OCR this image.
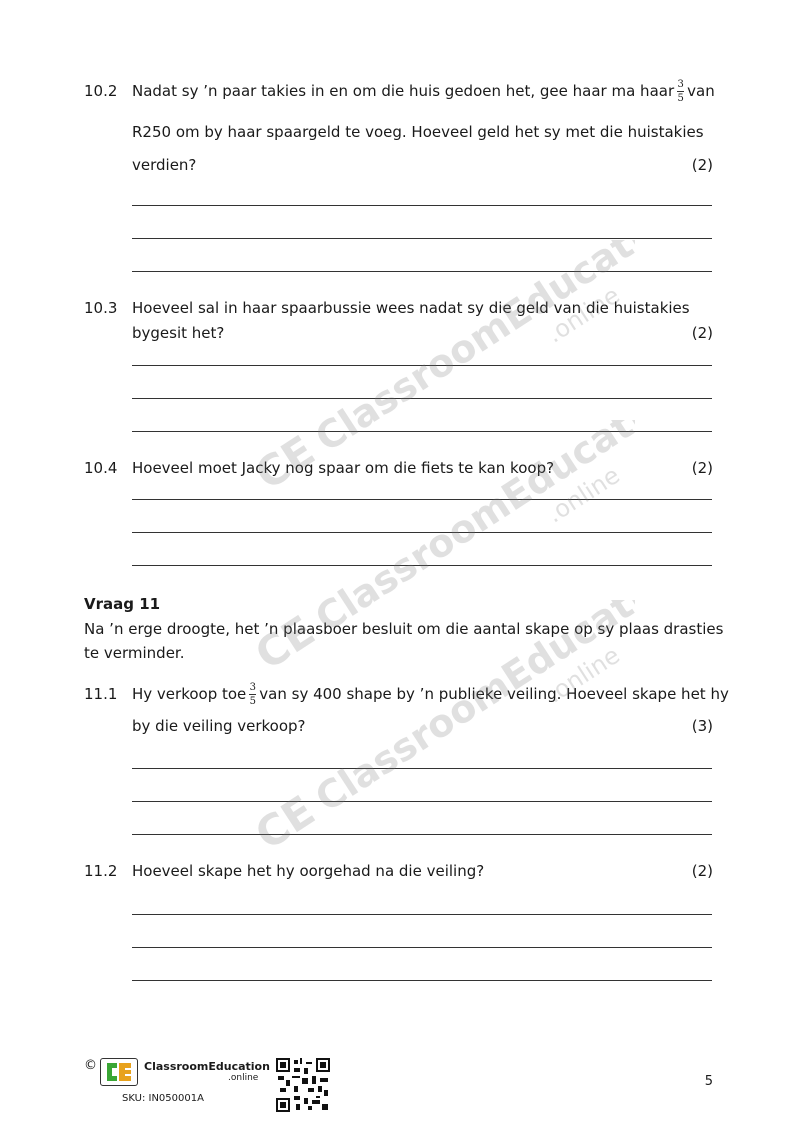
10.2 Nadat sy ’n paar takies in en om die huis gedoen het, gee haar ma haar $\frac{3}{5}$ van
R250 om by haar spaargeld te voeg. Hoeveel geld het sy met die huistakies
verdien?	(2)
10.3 Hoeveel sal in haar spaarbussie wees nadat sy die geld van die huistakies
bygesit het?	(2)
10.4 Hoeveel moet Jacky nog spaar om die fiets te kan koop?	(2)
Vraag 11
Na ’n erge droogte, het ’n plaasboer besluit om die aantal skape op sy plaas drasties
te verminder.
11.1 Hy verkoop toe $\frac{3}{5}$ van sy 400 shape by ’n publieke veiling. Hoeveel skape het hy
by die veiling verkoop?	(3)
11.2 Hoeveel skape het hy oorgehad na die veiling?	(2)
CE
ClassroomEducation
.online
CE
ClassroomEducation
.online
CE
ClassroomEducation
.online
©	ClassroomEducation
.online
SKU: IN050001A
5
